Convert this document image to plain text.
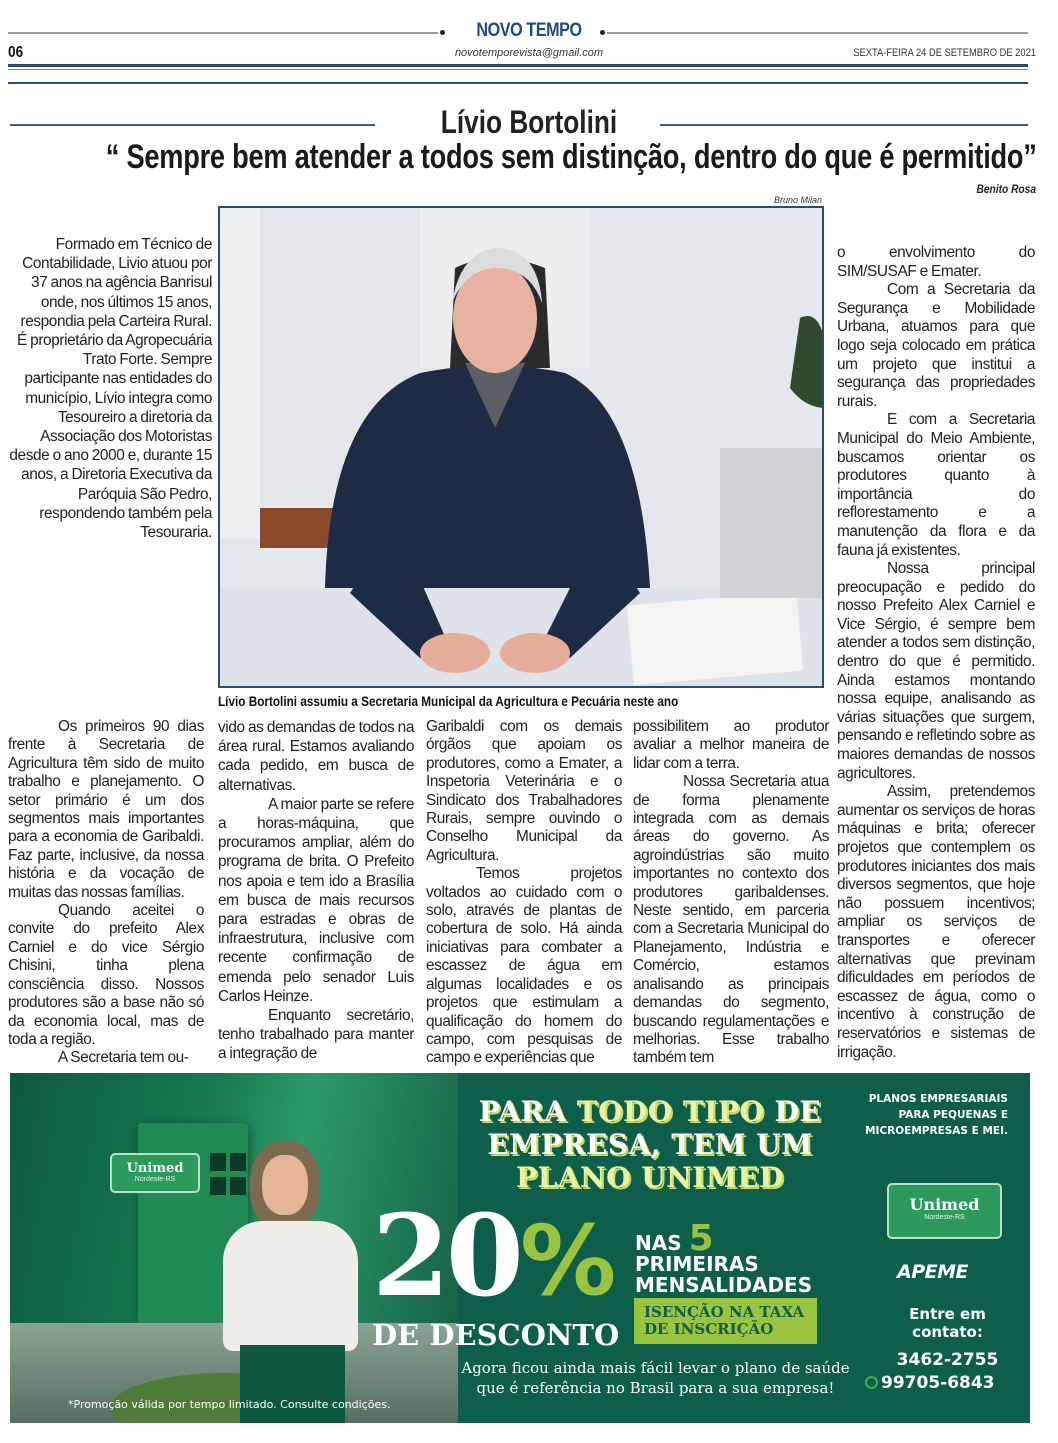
NOVO TEMPO
novotemporevista@gmail.com
06	SEXTA-FEIRA 24 DE SETEMBRO DE 2021
Lívio Bortolini
“ Sempre bem atender a todos sem distinção, dentro do que é permitido”
Benito Rosa
Bruno Milan
Lívio Bortolini assumiu a Secretaria Municipal da Agricultura e Pecuária neste ano

Formado em Técnico de Contabilidade, Livio atuou por 37 anos na agência Banrisul onde, nos últimos 15 anos, respondia pela Carteira Rural. É proprietário da Agropecuária Trato Forte. Sempre participante nas entidades do município, Lívio integra como Tesoureiro a diretoria da Associação dos Motoristas desde o ano 2000 e, durante 15 anos, a Diretoria Executiva da Paróquia São Pedro, respondendo também pela Tesouraria.

Os primeiros 90 dias frente à Secretaria de Agricultura têm sido de muito trabalho e planejamento. O setor primário é um dos segmentos mais importantes para a economia de Garibaldi. Faz parte, inclusive, da nossa história e da vocação de muitas das nossas famílias.

Quando aceitei o convite do prefeito Alex Carniel e do vice Sérgio Chisini, tinha plena consciência disso. Nossos produtores são a base não só da economia local, mas de toda a região.

A Secretaria tem ou-

vido as demandas de todos na área rural. Estamos avaliando cada pedido, em busca de alternativas.

A maior parte se refere a horas-máquina, que procuramos ampliar, além do programa de brita. O Prefeito nos apoia e tem ido a Brasília em busca de mais recursos para estradas e obras de infraestrutura, inclusive com recente confirmação de emenda pelo senador Luis Carlos Heinze.

Enquanto secretário, tenho trabalhado para manter a integração de

Garibaldi com os demais órgãos que apoiam os produtores, como a Emater, a Inspetoria Veterinária e o Sindicato dos Trabalhadores Rurais, sempre ouvindo o Conselho Municipal da Agricultura.

Temos projetos voltados ao cuidado com o solo, através de plantas de cobertura de solo. Há ainda iniciativas para combater a escassez de água em algumas localidades e os projetos que estimulam a qualificação do homem do campo, com pesquisas de campo e experiências que

possibilitem ao produtor avaliar a melhor maneira de lidar com a terra.

Nossa Secretaria atua de forma plenamente integrada com as demais áreas do governo. As agroindústrias são muito importantes no contexto dos produtores garibaldenses. Neste sentido, em parceria com a Secretaria Municipal do Planejamento, Indústria e Comércio, estamos analisando as principais demandas do segmento, buscando regulamentações e melhorias. Esse trabalho também tem

o envolvimento do SIM/SUSAF e Emater.

Com a Secretaria da Segurança e Mobilidade Urbana, atuamos para que logo seja colocado em prática um projeto que institui a segurança das propriedades rurais.

E com a Secretaria Municipal do Meio Ambiente, buscamos orientar os produtores quanto à importância do reflorestamento e a manutenção da flora e da fauna já existentes.

Nossa principal preocupação e pedido do nosso Prefeito Alex Carniel e Vice Sérgio, é sempre bem atender a todos sem distinção, dentro do que é permitido. Ainda estamos montando nossa equipe, analisando as várias situações que surgem, pensando e refletindo sobre as maiores demandas de nossos agricultores.

Assim, pretendemos aumentar os serviços de horas máquinas e brita; oferecer projetos que contemplem os produtores iniciantes dos mais diversos segmentos, que hoje não possuem incentivos; ampliar os serviços de transportes e oferecer alternativas que previnam dificuldades em períodos de escassez de água, como o incentivo à construção de reservatórios e sistemas de irrigação.

Unimed
Nordeste-RS
*Promoção válida por tempo limitado. Consulte condições.
PARA TODO TIPO DE EMPRESA, TEM UM PLANO UNIMED
20 %
DE DESCONTO
NAS 5
PRIMEIRAS
MENSALIDADES
ISENÇÃO NA TAXA DE INSCRIÇÃO
Agora ficou ainda mais fácil levar o plano de saúde que é referência no Brasil para a sua empresa!
PLANOS EMPRESARIAIS PARA PEQUENAS E MICROEMPRESAS E MEI.
Unimed
Nordeste-RS
APEME
Entre em contato:
3462-2755
99705-6843
